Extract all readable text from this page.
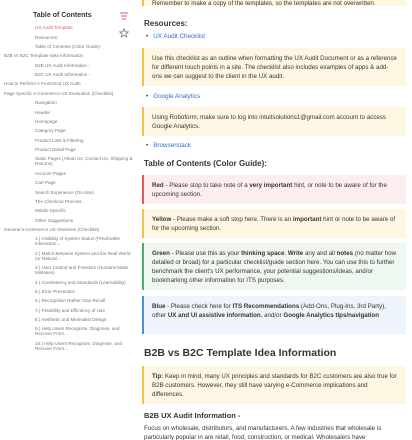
Table of Contents
UX Audit Template
Resources:
Table of Contents (Color Guide):
B2B vs B2C Template Idea Information
B2B UX Audit Information -
B2C UX Audit Information -
How to Perform A Front-End UX Audit
Page Specific e-Commerce UX Evaluation (Checklist)
Navigation
Header
Homepage
Category Page
Product Lists & Filtering
Product Detail Page
Static Pages (About Us, Contact Us, Shipping & Returns)
Account Pages
Cart Page
Search Experience (On-Site)
The Checkout Process
Mobile Specific
Other Suggestions
General e-Commerce UX Overview (Checklist)
1.) Visibility of System Status (Predictable Interaction...
2.) Match Between System and the Real World (or Natural...
3.) User Control and Freedom (Humans Make Mistakes)
4.) Consistency and Standards (Learnability)
5.) Error Prevention
6.) Recognition Rather than Recall
7.) Flexibility and Efficiency of Use
8.) Aesthetic and Minimalist Design
9.) Help Users Recognize, Diagnose, and Recover From...
10.) Help Users Recognize, Diagnose, and Recover From...
Remember to make a copy of the templates, so the templates are not overwritten.
Resources:
• UX Audit Checklist
Use this checklist as an outline when formatting the UX Audit Document or as a reference for different touch points in a site. The checklist also includes examples of apps & add-ons we can suggest to the client in the UX audit.
• Google Analytics
Using Roboform, make sure to log into intuitsolutions1@gmail.com account to access Google Analytics.
• Browserstack
Table of Contents (Color Guide):
Red - Please stop to take note of a very important hint, or note to be aware of for the upcoming section.
Yellow - Please make a soft stop here. There is an important hint or note to be aware of for the upcoming section.
Green - Please use this as your thinking space. Write any and all notes (no matter how detailed or broad) for a particular checklist/guide section here. You can use this to further benchmark the client's UX performance, your potential suggestions/ideas, and/or bookmarking other information for ITS purposes.
Blue - Please check here for ITS Recommendations (Add-Ons, Plug-Ins, 3rd Party), other UX and UI assistive information, and/or Google Analytics tips/navigation
B2B vs B2C Template Idea Information
Tip: Keep in mind, many UX principles and standards for B2C customers are also true for B2B customers. However, they still have varying e-Commerce implications and differences.
B2B UX Audit Information -
Focus on wholesale, distributors, and manufacturers. A few industries that wholesale is particularly popular in are retail, food, construction, or medical. Wholesalers have
